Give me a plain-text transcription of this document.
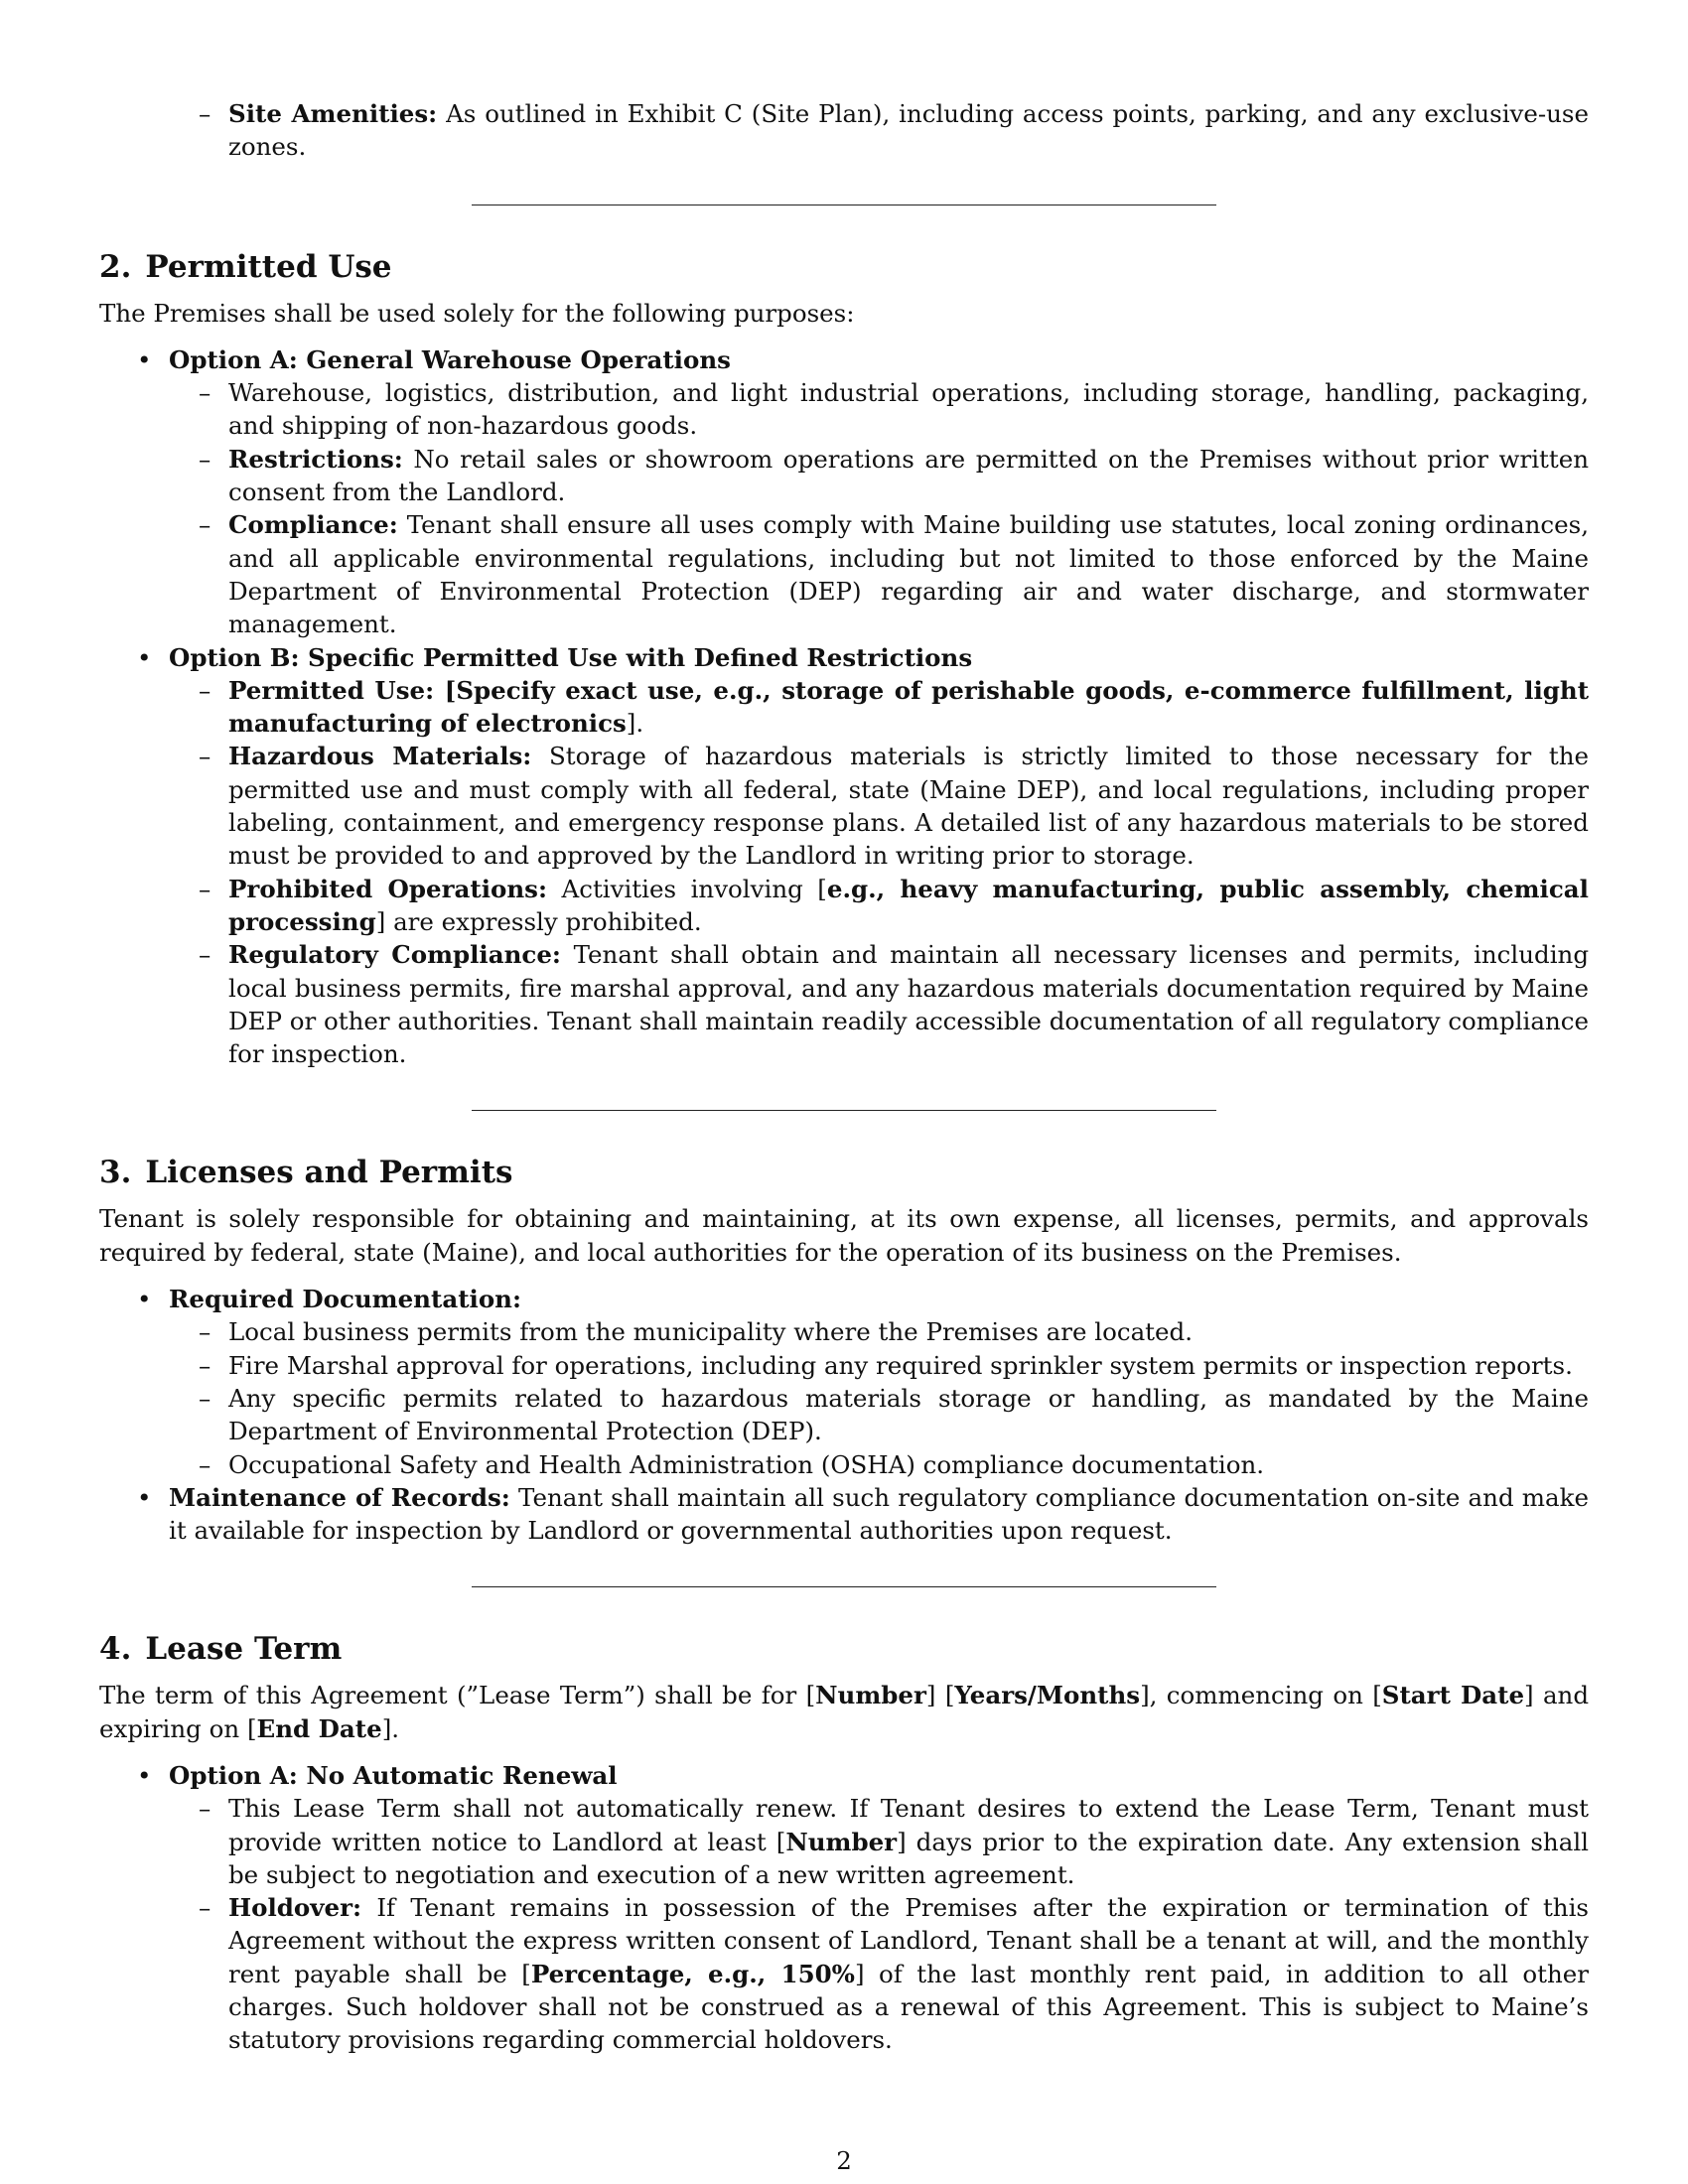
– Site Amenities: As outlined in Exhibit C (Site Plan), including access points, parking, and any exclusive-use zones.
2. Permitted Use

The Premises shall be used solely for the following purposes:

• Option A: General Warehouse Operations
– Warehouse, logistics, distribution, and light industrial operations, including storage, handling, packaging, and shipping of non-hazardous goods.
– Restrictions: No retail sales or showroom operations are permitted on the Premises without prior written consent from the Landlord.
– Compliance: Tenant shall ensure all uses comply with Maine building use statutes, local zoning ordinances, and all applicable environmental regulations, including but not limited to those enforced by the Maine Department of Environmental Protection (DEP) regarding air and water discharge, and stormwater management.
• Option B: Specific Permitted Use with Defined Restrictions
– Permitted Use: [Specify exact use, e.g., storage of perishable goods, e-commerce fulfillment, light manufacturing of electronics].
– Hazardous Materials: Storage of hazardous materials is strictly limited to those necessary for the permitted use and must comply with all federal, state (Maine DEP), and local regulations, including proper labeling, containment, and emergency response plans. A detailed list of any hazardous materials to be stored must be provided to and approved by the Landlord in writing prior to storage.
– Prohibited Operations: Activities involving [e.g., heavy manufacturing, public assembly, chemical processing] are expressly prohibited.
– Regulatory Compliance: Tenant shall obtain and maintain all necessary licenses and permits, including local business permits, fire marshal approval, and any hazardous materials documentation required by Maine DEP or other authorities. Tenant shall maintain readily accessible documentation of all regulatory compliance for inspection.
3. Licenses and Permits

Tenant is solely responsible for obtaining and maintaining, at its own expense, all licenses, permits, and approvals required by federal, state (Maine), and local authorities for the operation of its business on the Premises.

• Required Documentation:
– Local business permits from the municipality where the Premises are located.
– Fire Marshal approval for operations, including any required sprinkler system permits or inspection reports.
– Any specific permits related to hazardous materials storage or handling, as mandated by the Maine Department of Environmental Protection (DEP).
– Occupational Safety and Health Administration (OSHA) compliance documentation.
• Maintenance of Records: Tenant shall maintain all such regulatory compliance documentation on-site and make it available for inspection by Landlord or governmental authorities upon request.
4. Lease Term

The term of this Agreement (”Lease Term”) shall be for [Number] [Years/Months], commencing on [Start Date] and expiring on [End Date].

• Option A: No Automatic Renewal
– This Lease Term shall not automatically renew. If Tenant desires to extend the Lease Term, Tenant must provide written notice to Landlord at least [Number] days prior to the expiration date. Any extension shall be subject to negotiation and execution of a new written agreement.
– Holdover: If Tenant remains in possession of the Premises after the expiration or termination of this Agreement without the express written consent of Landlord, Tenant shall be a tenant at will, and the monthly rent payable shall be [Percentage, e.g., 150%] of the last monthly rent paid, in addition to all other charges. Such holdover shall not be construed as a renewal of this Agreement. This is subject to Maine’s statutory provisions regarding commercial holdovers.
2
